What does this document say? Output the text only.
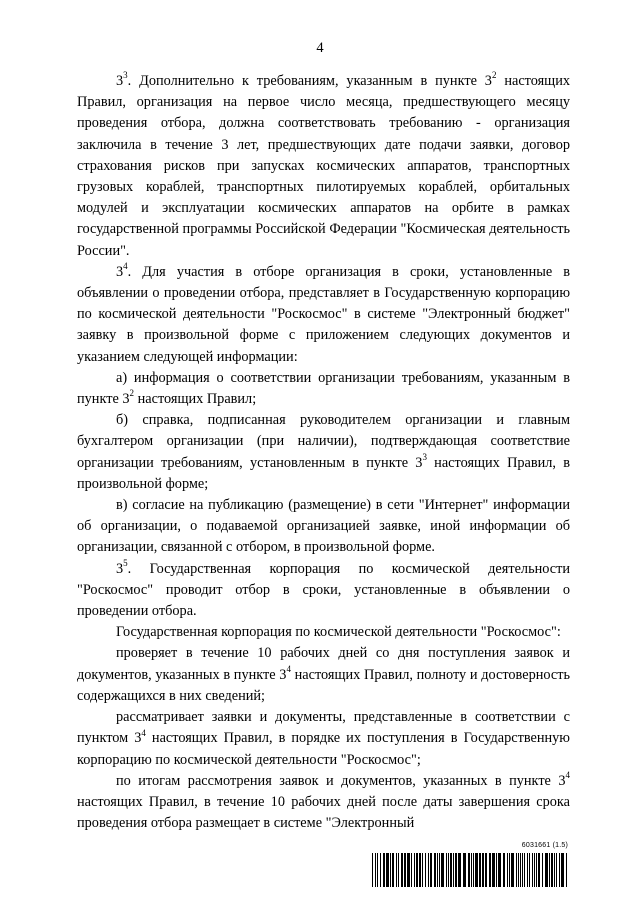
4

$3^3$. Дополнительно к требованиям, указанным в пункте $3^2$ настоящих Правил, организация на первое число месяца, предшествующего месяцу проведения отбора, должна соответствовать требованию - организация заключила в течение 3 лет, предшествующих дате подачи заявки, договор страхования рисков при запусках космических аппаратов, транспортных грузовых кораблей, транспортных пилотируемых кораблей, орбитальных модулей и эксплуатации космических аппаратов на орбите в рамках государственной программы Российской Федерации "Космическая деятельность России".

$3^4$. Для участия в отборе организация в сроки, установленные в объявлении о проведении отбора, представляет в Государственную корпорацию по космической деятельности "Роскосмос" в системе "Электронный бюджет" заявку в произвольной форме с приложением следующих документов и указанием следующей информации:

а) информация о соответствии организации требованиям, указанным в пункте $3^2$ настоящих Правил;

б) справка, подписанная руководителем организации и главным бухгалтером организации (при наличии), подтверждающая соответствие организации требованиям, установленным в пункте $3^3$ настоящих Правил, в произвольной форме;

в) согласие на публикацию (размещение) в сети "Интернет" информации об организации, о подаваемой организацией заявке, иной информации об организации, связанной с отбором, в произвольной форме.

$3^5$. Государственная корпорация по космической деятельности "Роскосмос" проводит отбор в сроки, установленные в объявлении о проведении отбора.

Государственная корпорация по космической деятельности "Роскосмос":

проверяет в течение 10 рабочих дней со дня поступления заявок и документов, указанных в пункте $3^4$ настоящих Правил, полноту и достоверность содержащихся в них сведений;

рассматривает заявки и документы, представленные в соответствии с пунктом $3^4$ настоящих Правил, в порядке их поступления в Государственную корпорацию по космической деятельности "Роскосмос";

по итогам рассмотрения заявок и документов, указанных в пункте $3^4$ настоящих Правил, в течение 10 рабочих дней после даты завершения срока проведения отбора размещает в системе "Электронный

6031661 (1.5)
